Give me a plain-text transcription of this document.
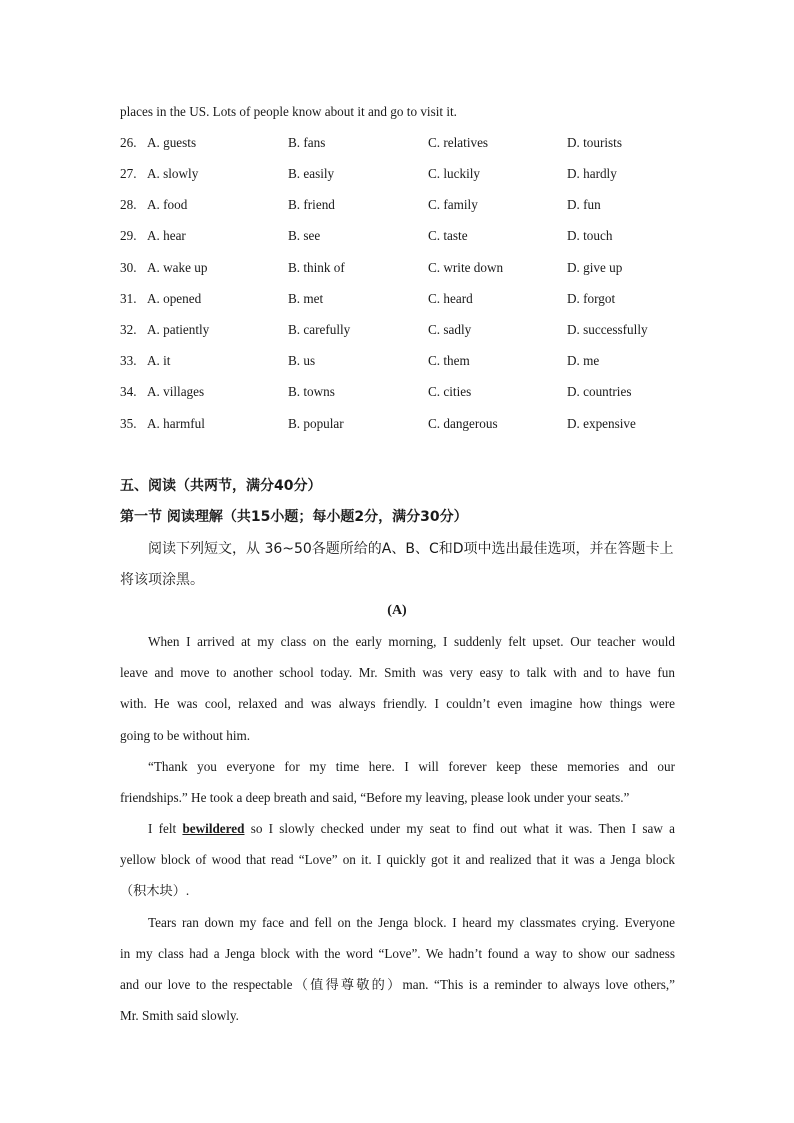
places in the US. Lots of people know about it and go to visit it.
26. A. guests	B. fans	C. relatives	D. tourists
27. A. slowly	B. easily	C. luckily	D. hardly
28. A. food	B. friend	C. family	D. fun
29. A. hear	B. see	C. taste	D. touch
30. A. wake up	B. think of	C. write down	D. give up
31. A. opened	B. met	C. heard	D. forgot
32. A. patiently	B. carefully	C. sadly	D. successfully
33. A. it	B. us	C. them	D. me
34. A. villages	B. towns	C. cities	D. countries
35. A. harmful	B. popular	C. dangerous	D. expensive
五、阅读（共两节，满分40分）
第一节 阅读理解（共15小题；每小题2分，满分30分）
阅读下列短文，从 36~50各题所给的A、B、C和D项中选出最佳选项，并在答题卡上
将该项涂黑。
(A)
When I arrived at my class on the early morning, I suddenly felt upset. Our teacher would
leave and move to another school today. Mr. Smith was very easy to talk with and to have fun
with. He was cool, relaxed and was always friendly. I couldn’t even imagine how things were
going to be without him.
“Thank you everyone for my time here. I will forever keep these memories and our
friendships.” He took a deep breath and said, “Before my leaving, please look under your seats.”
I felt bewildered so I slowly checked under my seat to find out what it was. Then I saw a
yellow block of wood that read “Love” on it. I quickly got it and realized that it was a Jenga block
（积木块）.
Tears ran down my face and fell on the Jenga block. I heard my classmates crying. Everyone
in my class had a Jenga block with the word “Love”. We hadn’t found a way to show our sadness
and our love to the respectable（值得尊敬的）man. “This is a reminder to always love others,”
Mr. Smith said slowly.
